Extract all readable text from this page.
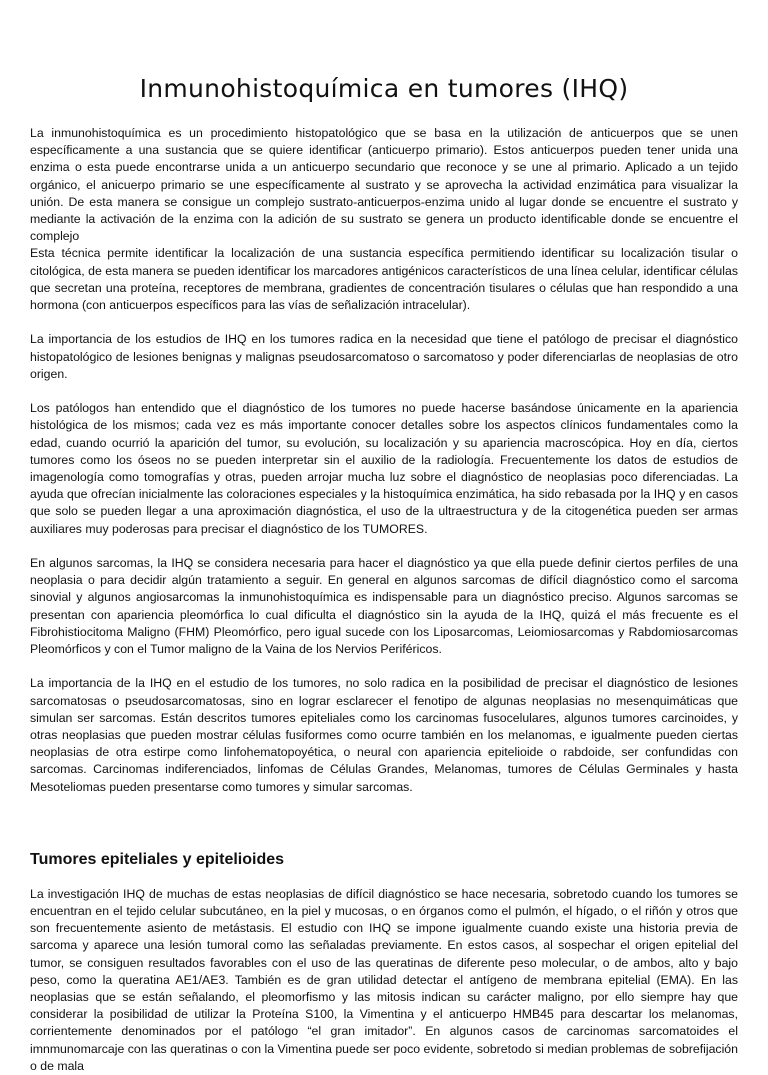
Inmunohistoquímica en tumores (IHQ)

La inmunohistoquímica es un procedimiento histopatológico que se basa en la utilización de anticuerpos que se unen específicamente a una sustancia que se quiere identificar (anticuerpo primario). Estos anticuerpos pueden tener unida una enzima o esta puede encontrarse unida a un anticuerpo secundario que reconoce y se une al primario. Aplicado a un tejido orgánico, el anicuerpo primario se une específicamente al sustrato y se aprovecha la actividad enzimática para visualizar la unión. De esta manera se consigue un complejo sustrato-anticuerpos-enzima unido al lugar donde se encuentre el sustrato y mediante la activación de la enzima con la adición de su sustrato se genera un producto identificable donde se encuentre el complejo

Esta técnica permite identificar la localización de una sustancia específica permitiendo identificar su localización tisular o citológica, de esta manera se pueden identificar los marcadores antigénicos característicos de una línea celular, identificar células que secretan una proteína, receptores de membrana, gradientes de concentración tisulares o células que han respondido a una hormona (con anticuerpos específicos para las vías de señalización intracelular).

La importancia de los estudios de IHQ en los tumores radica en la necesidad que tiene el patólogo de precisar el diagnóstico histopatológico de lesiones benignas y malignas pseudosarcomatoso o sarcomatoso y poder diferenciarlas de neoplasias de otro origen.

Los patólogos han entendido que el diagnóstico de los tumores no puede hacerse basándose únicamente en la apariencia histológica de los mismos; cada vez es más importante conocer detalles sobre los aspectos clínicos fundamentales como la edad, cuando ocurrió la aparición del tumor, su evolución, su localización y su apariencia macroscópica. Hoy en día, ciertos tumores como los óseos no se pueden interpretar sin el auxilio de la radiología. Frecuentemente los datos de estudios de imagenología como tomografías y otras, pueden arrojar mucha luz sobre el diagnóstico de neoplasias poco diferenciadas. La ayuda que ofrecían inicialmente las coloraciones especiales y la histoquímica enzimática, ha sido rebasada por la IHQ y en casos que solo se pueden llegar a una aproximación diagnóstica, el uso de la ultraestructura y de la citogenética pueden ser armas auxiliares muy poderosas para precisar el diagnóstico de los TUMORES.

En algunos sarcomas, la IHQ se considera necesaria para hacer el diagnóstico ya que ella puede definir ciertos perfiles de una neoplasia o para decidir algún tratamiento a seguir. En general en algunos sarcomas de difícil diagnóstico como el sarcoma sinovial y algunos angiosarcomas la inmunohistoquímica es indispensable para un diagnóstico preciso. Algunos sarcomas se presentan con apariencia pleomórfica lo cual dificulta el diagnóstico sin la ayuda de la IHQ, quizá el más frecuente es el Fibrohistiocitoma Maligno (FHM) Pleomórfico, pero igual sucede con los Liposarcomas, Leiomiosarcomas y Rabdomiosarcomas Pleomórficos y con el Tumor maligno de la Vaina de los Nervios Periféricos.

La importancia de la IHQ en el estudio de los tumores, no solo radica en la posibilidad de precisar el diagnóstico de lesiones sarcomatosas o pseudosarcomatosas, sino en lograr esclarecer el fenotipo de algunas neoplasias no mesenquimáticas que simulan ser sarcomas. Están descritos tumores epiteliales como los carcinomas fusocelulares, algunos tumores carcinoides, y otras neoplasias que pueden mostrar células fusiformes como ocurre también en los melanomas, e igualmente pueden ciertas neoplasias de otra estirpe como linfohematopoyética, o neural con apariencia epitelioide o rabdoide, ser confundidas con sarcomas. Carcinomas indiferenciados, linfomas de Células Grandes, Melanomas, tumores de Células Germinales y hasta Mesoteliomas pueden presentarse como tumores y simular sarcomas.

Tumores epiteliales y epitelioides

La investigación IHQ de muchas de estas neoplasias de difícil diagnóstico se hace necesaria, sobretodo cuando los tumores se encuentran en el tejido celular subcutáneo, en la piel y mucosas, o en órganos como el pulmón, el hígado, o el riñón y otros que son frecuentemente asiento de metástasis. El estudio con IHQ se impone igualmente cuando existe una historia previa de sarcoma y aparece una lesión tumoral como las señaladas previamente. En estos casos, al sospechar el origen epitelial del tumor, se consiguen resultados favorables con el uso de las queratinas de diferente peso molecular, o de ambos, alto y bajo peso, como la queratina AE1/AE3. También es de gran utilidad detectar el antígeno de membrana epitelial (EMA). En las neoplasias que se están señalando, el pleomorfismo y las mitosis indican su carácter maligno, por ello siempre hay que considerar la posibilidad de utilizar la Proteína S100, la Vimentina y el anticuerpo HMB45 para descartar los melanomas, corrientemente denominados por el patólogo “el gran imitador”. En algunos casos de carcinomas sarcomatoides el imnmunomarcaje con las queratinas o con la Vimentina puede ser poco evidente, sobretodo si median problemas de sobrefijación o de mala
